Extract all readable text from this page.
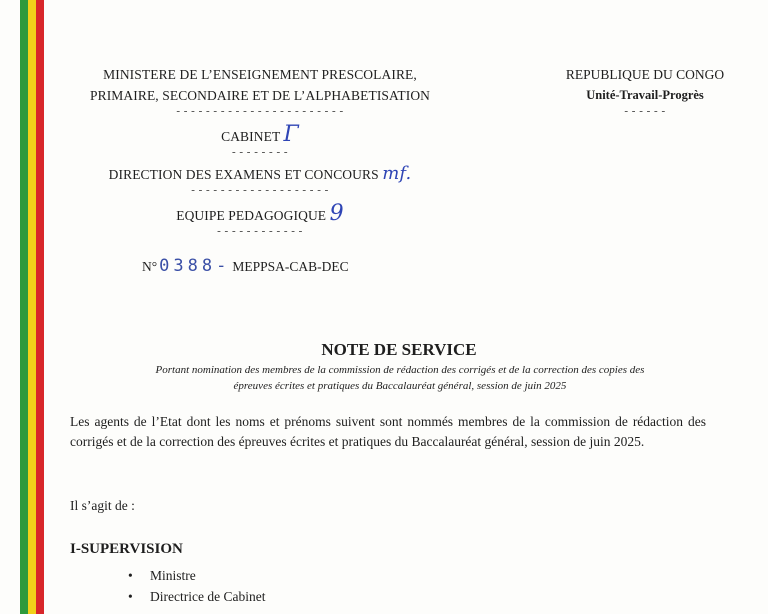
MINISTERE DE L’ENSEIGNEMENT PRESCOLAIRE,
PRIMAIRE, SECONDAIRE ET DE L’ALPHABETISATION
- - - - - - - - - - - - - - - - - - - - - - -
CABINET Γ
- - - - - - - -
DIRECTION DES EXAMENS ET CONCOURS mf.
- - - - - - - - - - - - - - - - - - -
EQUIPE PEDAGOGIQUE 9
- - - - - - - - - - - -
N° 0388- MEPPSA-CAB-DEC
REPUBLIQUE DU CONGO
Unité-Travail-Progrès
- - - - - -
NOTE DE SERVICE
Portant nomination des membres de la commission de rédaction des corrigés et de la correction des copies des
épreuves écrites et pratiques du Baccalauréat général, session de juin 2025
Les agents de l’Etat dont les noms et prénoms suivent sont nommés membres de la commission de rédaction des corrigés et de la correction des épreuves écrites et pratiques du Baccalauréat général, session de juin 2025.
Il s’agit de :
I-SUPERVISION
• Ministre
• Directrice de Cabinet
